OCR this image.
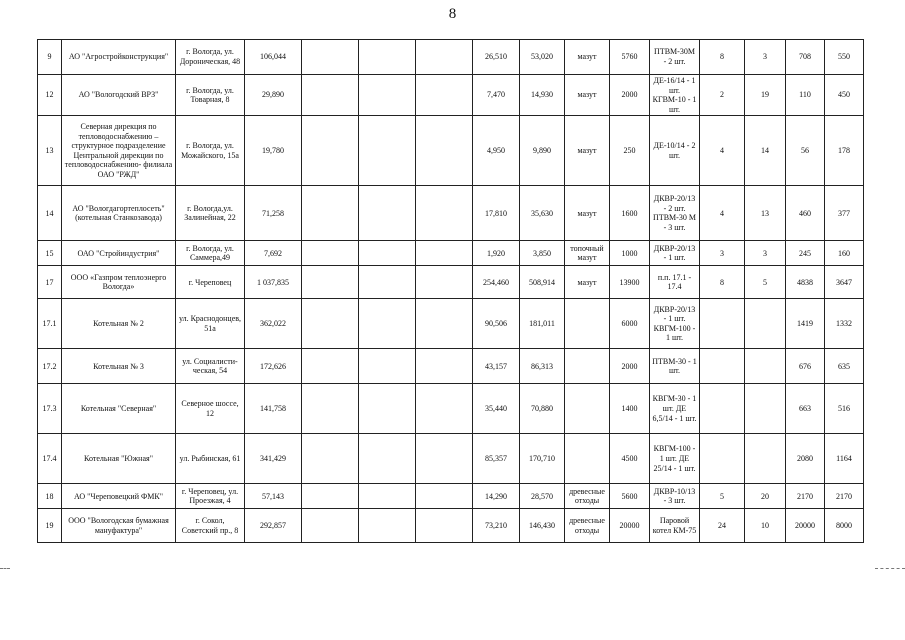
8
9	АО "Агростройконструкция"	г. Вологда, ул. Дороническая, 48	106,044				26,510	53,020	мазут	5760	ПТВМ-30М - 2 шт.	8	3	708	550
12	АО "Вологодский ВРЗ"	г. Вологда, ул. Товарная, 8	29,890				7,470	14,930	мазут	2000	ДЕ-16/14 - 1 шт. КГВМ-10 - 1 шт.	2	19	110	450
13	Северная дирекция по тепловодоснабжению – структурное подразделение Центральной дирекции по тепловодоснабжению- филиала ОАО "РЖД"	г. Вологда, ул. Можайского, 15а	19,780				4,950	9,890	мазут	250	ДЕ-10/14 - 2 шт.	4	14	56	178
14	АО "Вологдагортеплосеть" (котельная Станкозавода)	г. Вологда,ул. Залинейная, 22	71,258				17,810	35,630	мазут	1600	ДКВР-20/13 - 2 шт. ПТВМ-30 М - 3 шт.	4	13	460	377
15	ОАО "Стройиндустрия"	г. Вологда, ул. Саммера,49	7,692				1,920	3,850	топочный мазут	1000	ДКВР-20/13 - 1 шт.	3	3	245	160
17	ООО «Газпром теплоэнерго Вологда»	г. Череповец	1 037,835				254,460	508,914	мазут	13900	п.п. 17.1 - 17.4	8	5	4838	3647
17.1	Котельная № 2	ул. Краснодонцев, 51а	362,022				90,506	181,011		6000	ДКВР-20/13 - 1 шт. КВГМ-100 - 1 шт.			1419	1332
17.2	Котельная № 3	ул. Социалисти-ческая, 54	172,626				43,157	86,313		2000	ПТВМ-30 - 1 шт.			676	635
17.3	Котельная "Северная"	Северное шоссе, 12	141,758				35,440	70,880		1400	КВГМ-30 - 1 шт. ДЕ 6,5/14 - 1 шт.			663	516
17.4	Котельная "Южная"	ул. Рыбинская, 61	341,429				85,357	170,710		4500	КВГМ-100 - 1 шт. ДЕ 25/14 - 1 шт.			2080	1164
18	АО "Череповецкий ФМК"	г. Череповец, ул. Проезжая, 4	57,143				14,290	28,570	древесные отходы	5600	ДКВР-10/13 - 3 шт.	5	20	2170	2170
19	ООО "Вологодская бумажная мануфактура"	г. Сокол, Советский пр., 8	292,857				73,210	146,430	древесные отходы	20000	Паровой котел КМ-75	24	10	20000	8000
